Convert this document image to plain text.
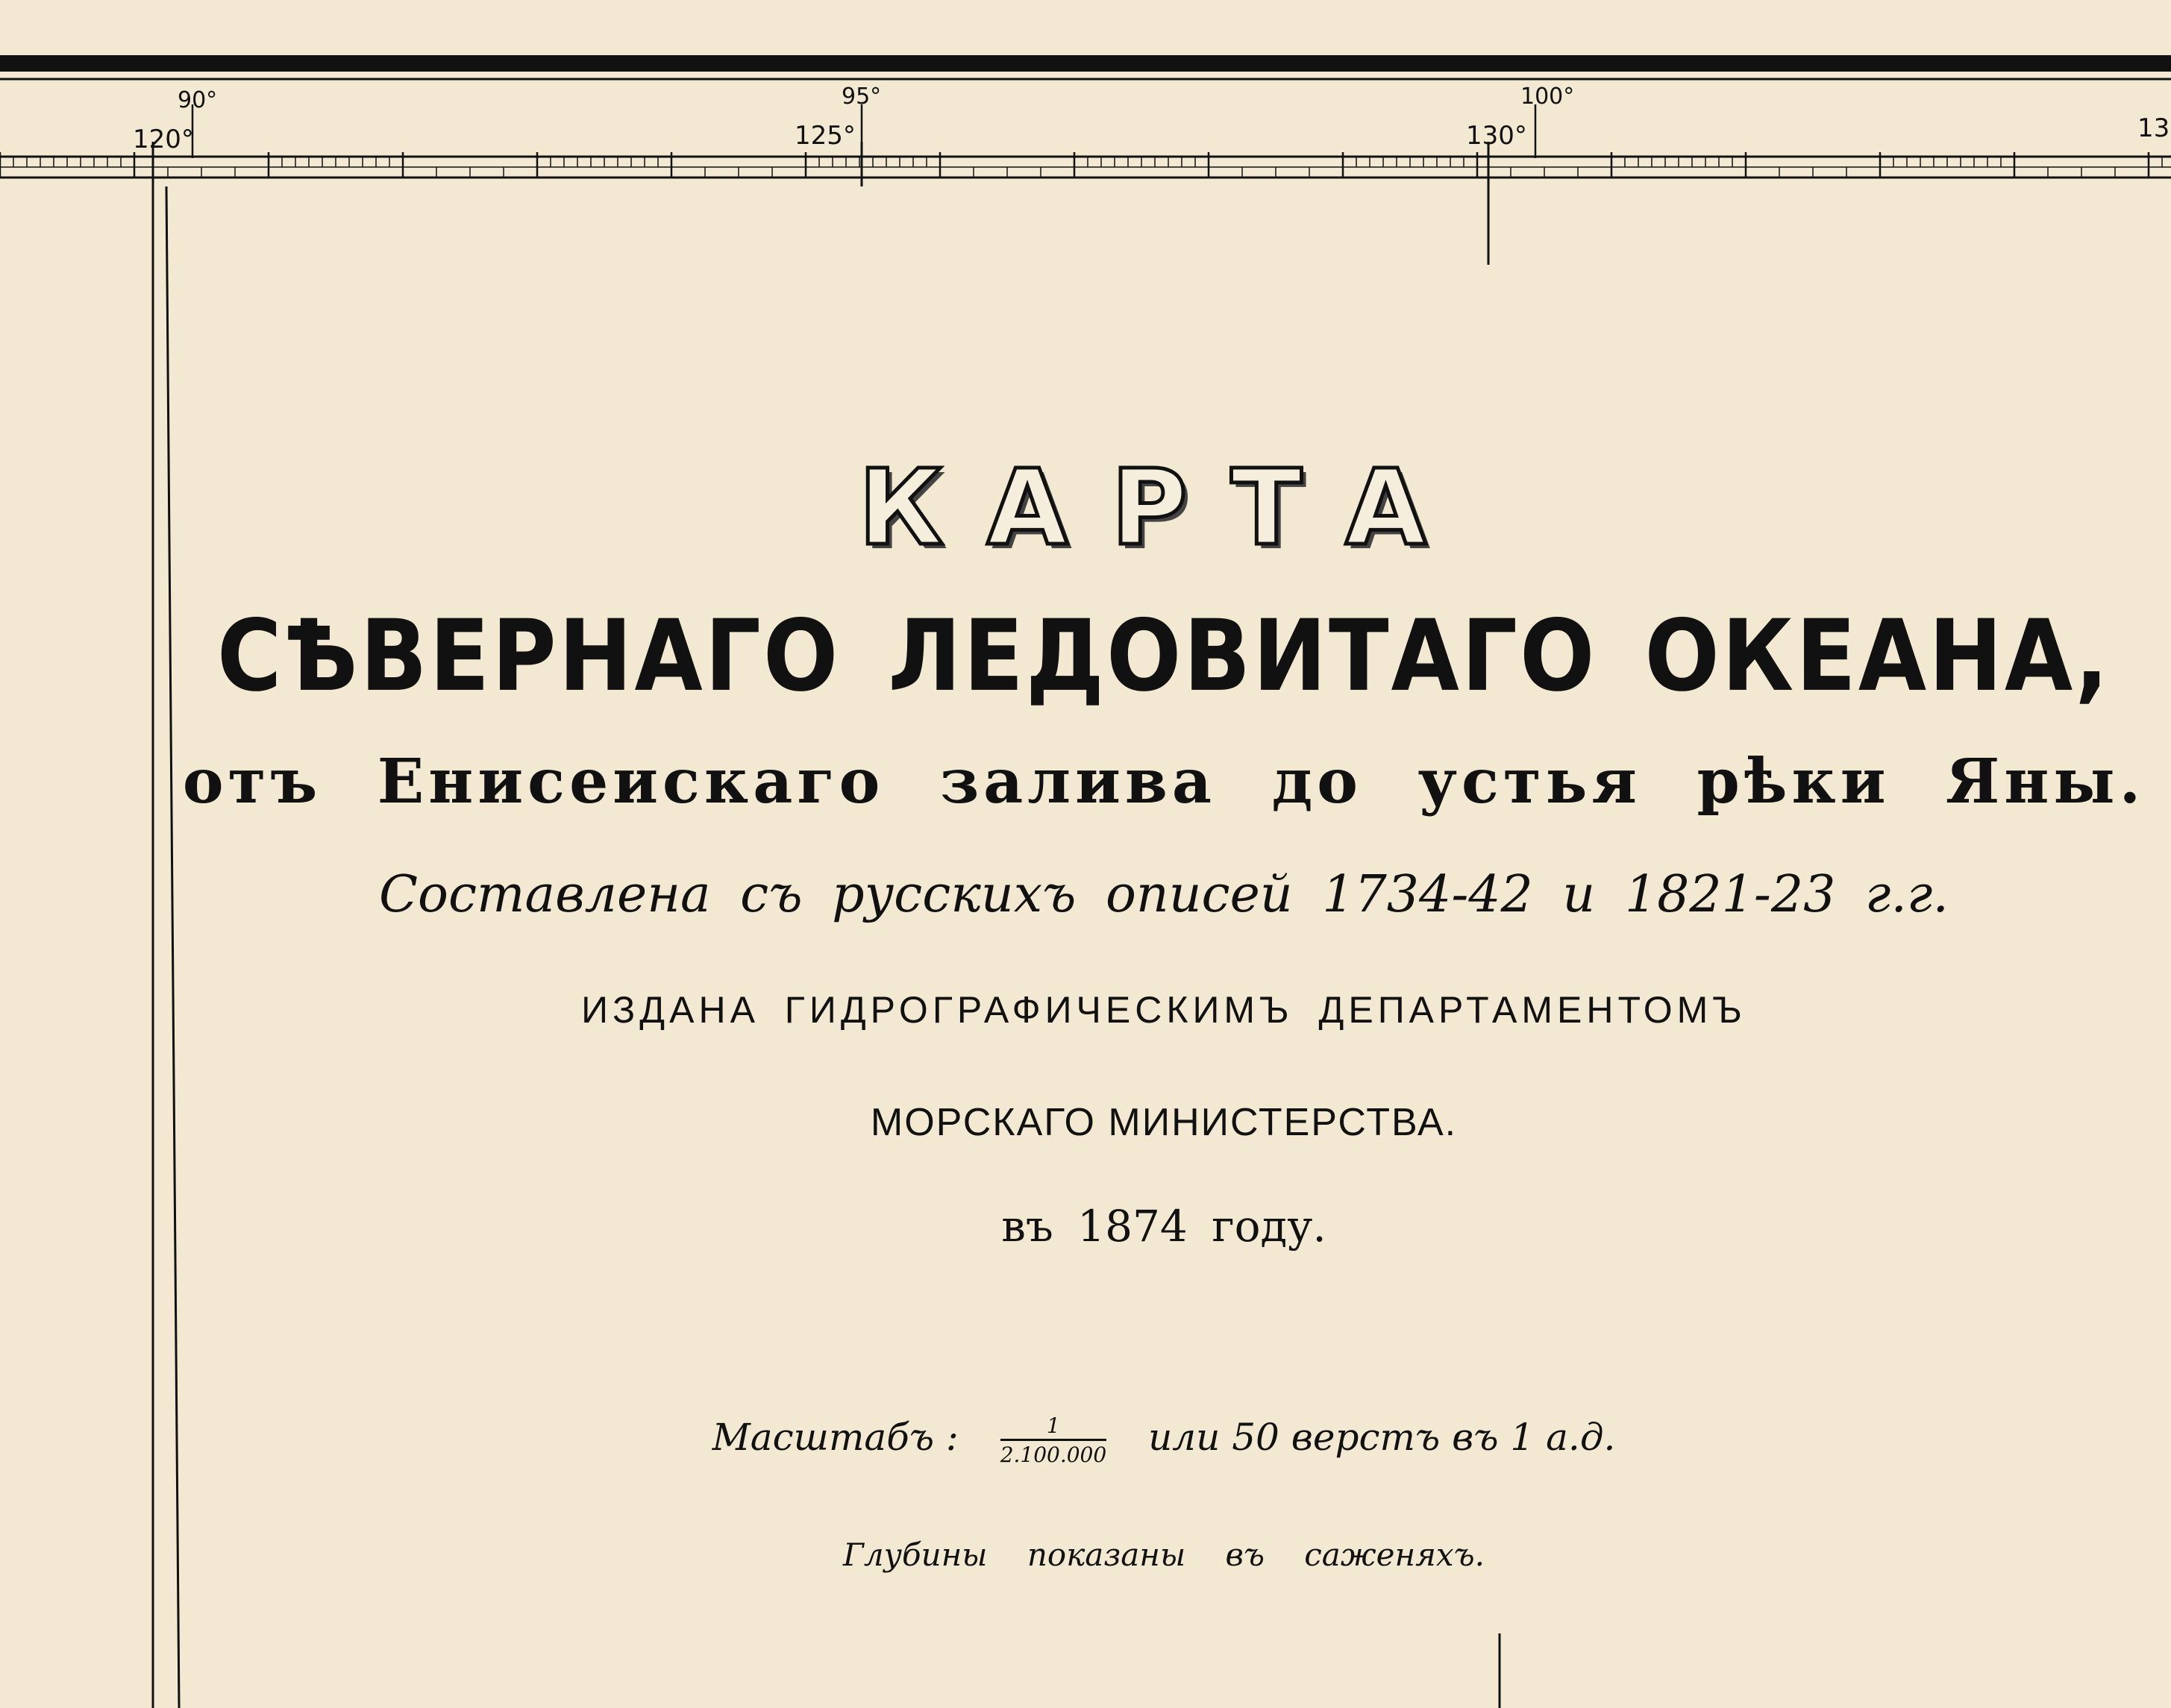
90°	95°	100°
120°	125°	130°	13
КАРТА
СѢВЕРНАГО ЛЕДОВИТАГО ОКЕАНА,
отъ Енисеискаго залива до устья рѣки Яны.
Составлена съ русскихъ описей 1734-42 и 1821-23 г.г.
ИЗДАНА ГИДРОГРАФИЧЕСКИМЪ ДЕПАРТАМЕНТОМЪ
МОРСКАГО МИНИСТЕРСТВА.
въ 1874 году.
Масштабъ : $\frac{1}{2.100.000}$ или 50 верстъ въ 1 а.д.
Глубины показаны въ саженяхъ.
